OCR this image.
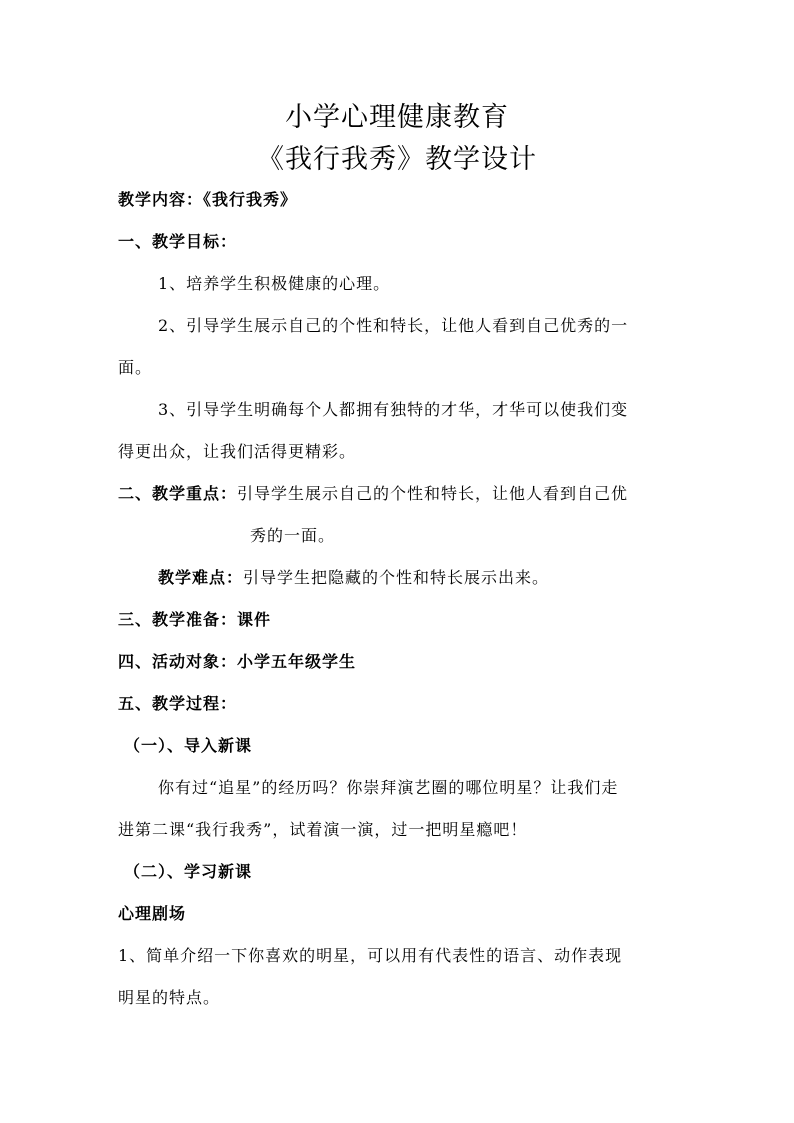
小学心理健康教育
《我行我秀》教学设计
教学内容：《我行我秀》
一、教学目标：
1、培养学生积极健康的心理。
2、引导学生展示自己的个性和特长，让他人看到自己优秀的一
面。
3、引导学生明确每个人都拥有独特的才华，才华可以使我们变
得更出众，让我们活得更精彩。
二、教学重点：引导学生展示自己的个性和特长，让他人看到自己优
秀的一面。
教学难点：引导学生把隐藏的个性和特长展示出来。
三、教学准备：课件
四、活动对象：小学五年级学生
五、教学过程：
（一）、导入新课
你有过“追星”的经历吗？你崇拜演艺圈的哪位明星？让我们走
进第二课“我行我秀”，试着演一演，过一把明星瘾吧！
（二）、学习新课
心理剧场
1、简单介绍一下你喜欢的明星，可以用有代表性的语言、动作表现
明星的特点。
